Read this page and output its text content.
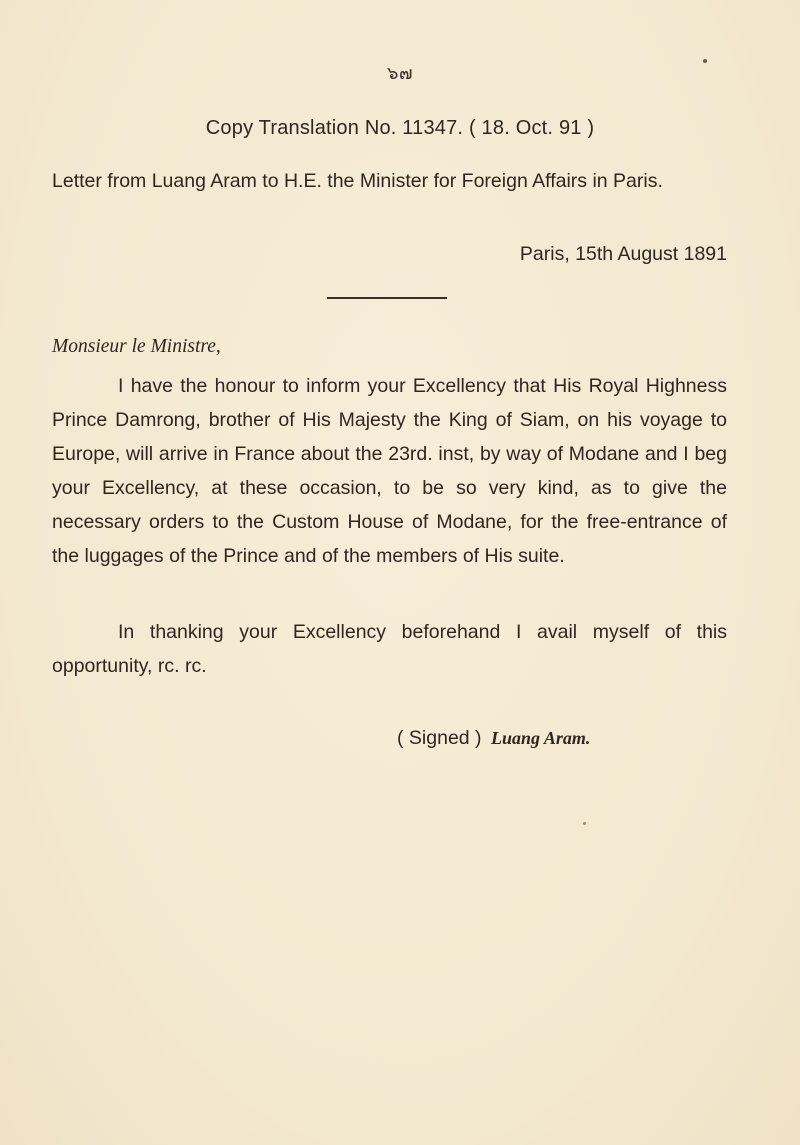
๖๗
Copy Translation No. 11347. ( 18. Oct. 91 )
Letter from Luang Aram to H.E. the Minister for Foreign Affairs in Paris.
Paris, 15th August 1891
Monsieur le Ministre,

I have the honour to inform your Excellency that His Royal Highness Prince Damrong, brother of His Majesty the King of Siam, on his voyage to Europe, will arrive in France about the 23rd. inst, by way of Modane and I beg your Excellency, at these occasion, to be so very kind, as to give the necessary orders to the Custom House of Modane, for the free-entrance of the luggages of the Prince and of the members of His suite.

In thanking your Excellency beforehand I avail myself of this opportunity, rc. rc.

( Signed ) Luang Aram.
